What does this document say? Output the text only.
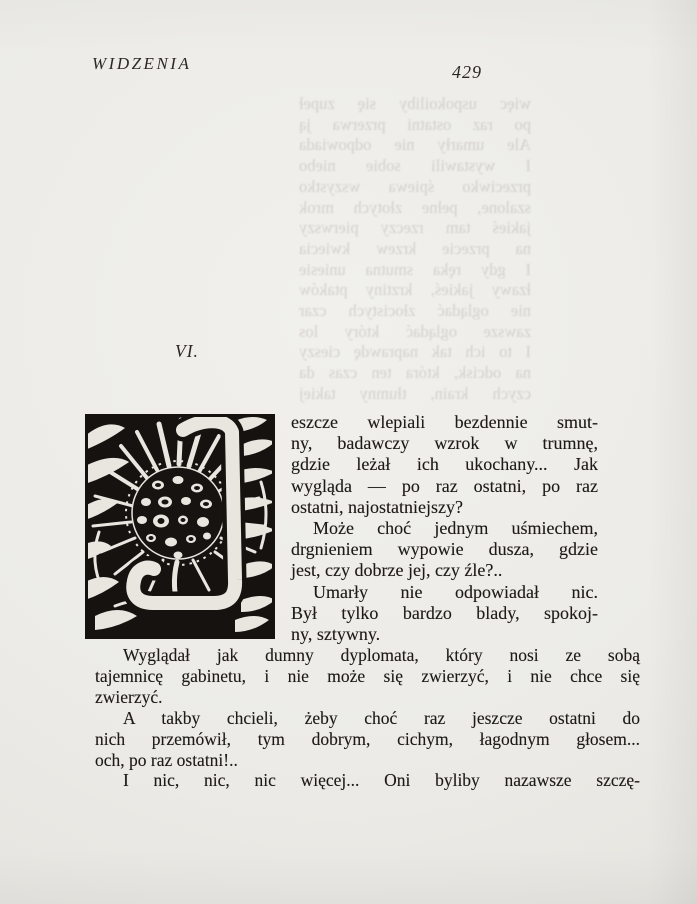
WIDZENIA	429
więc uspokoiliby się zupeł
po raz ostatni przerwa ją
Ale umarły nie odpowiada
I wystawili sobie niebo
przeciwko śpiewa wszystko
szalone, pełne złotych mrok
jakieś tam rzeczy pierwszy
na przecie krzew kwiecia
I gdy ręka smutna uniesie
łzawy jakieś, krztiny ptaków
nie oglądać złocistych czar
zawsze oglądać który los
I to ich tak naprawdę cieszy
na odcisk, która ten czas da
czych krain, tłumny takiej
VI.
eszcze wlepiali bezdennie smut-
ny, badawczy wzrok w trumnę,
gdzie leżał ich ukochany... Jak
wygląda — po raz ostatni, po raz
ostatni, najostatniejszy?
Może choć jednym uśmiechem,
drgnieniem wypowie dusza, gdzie
jest, czy dobrze jej, czy źle?..
Umarły nie odpowiadał nic.
Był tylko bardzo blady, spokoj-
ny, sztywny.
Wyglądał jak dumny dyplomata, który nosi ze sobą
tajemnicę gabinetu, i nie może się zwierzyć, i nie chce się
zwierzyć.
A takby chcieli, żeby choć raz jeszcze ostatni do
nich przemówił, tym dobrym, cichym, łagodnym głosem...
och, po raz ostatni!..
I nic, nic, nic więcej... Oni byliby nazawsze szczę-
